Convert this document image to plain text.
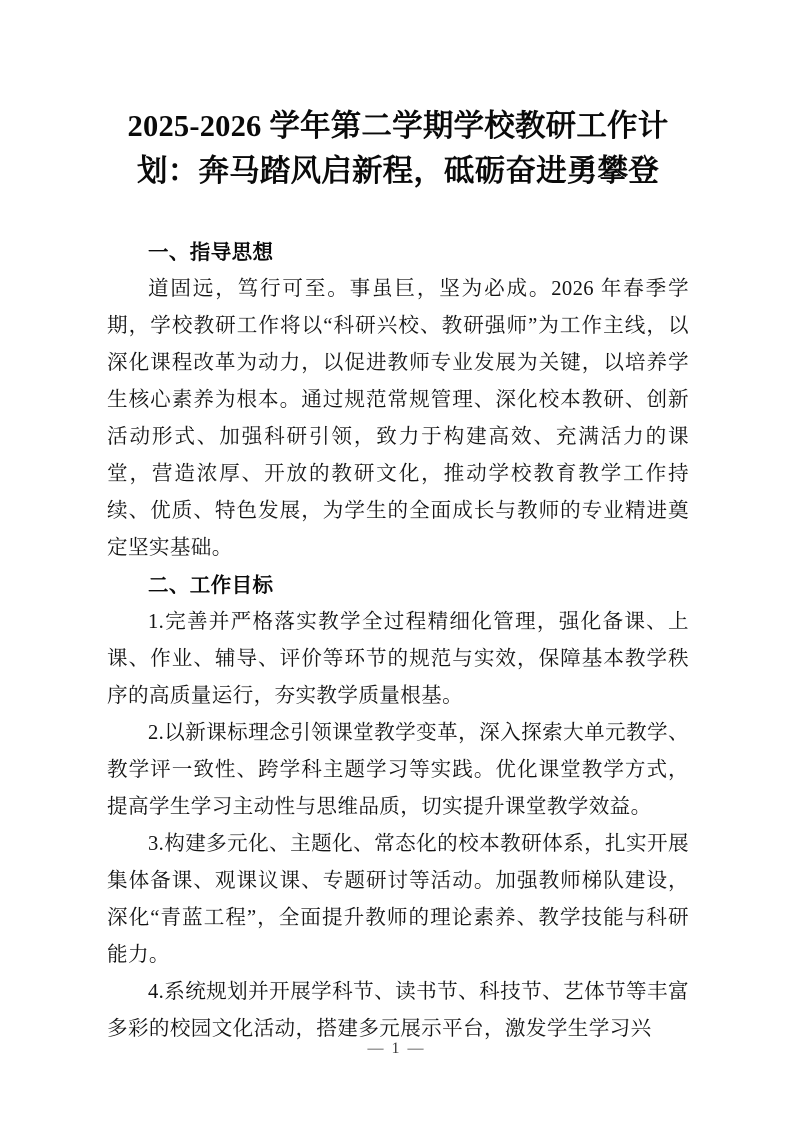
2025-2026 学年第二学期学校教研工作计
划：奔马踏风启新程，砥砺奋进勇攀登
一、指导思想

道固远，笃行可至。事虽巨，坚为必成。2026 年春季学期，学校教研工作将以“科研兴校、教研强师”为工作主线，以深化课程改革为动力，以促进教师专业发展为关键，以培养学生核心素养为根本。通过规范常规管理、深化校本教研、创新活动形式、加强科研引领，致力于构建高效、充满活力的课堂，营造浓厚、开放的教研文化，推动学校教育教学工作持续、优质、特色发展，为学生的全面成长与教师的专业精进奠定坚实基础。

二、工作目标

1.完善并严格落实教学全过程精细化管理，强化备课、上课、作业、辅导、评价等环节的规范与实效，保障基本教学秩序的高质量运行，夯实教学质量根基。

2.以新课标理念引领课堂教学变革，深入探索大单元教学、教学评一致性、跨学科主题学习等实践。优化课堂教学方式，提高学生学习主动性与思维品质，切实提升课堂教学效益。

3.构建多元化、主题化、常态化的校本教研体系，扎实开展集体备课、观课议课、专题研讨等活动。加强教师梯队建设，深化“青蓝工程”，全面提升教师的理论素养、教学技能与科研能力。

4.系统规划并开展学科节、读书节、科技节、艺体节等丰富多彩的校园文化活动，搭建多元展示平台，激发学生学习兴

— 1 —
